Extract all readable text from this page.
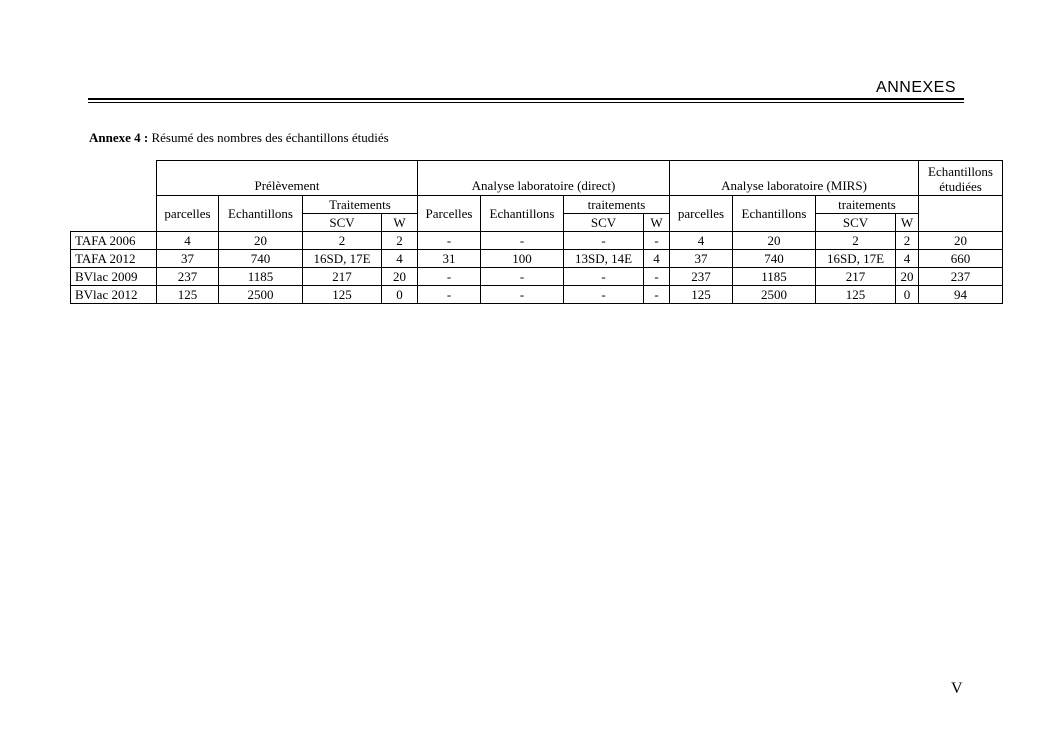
ANNEXES
Annexe 4 : Résumé des nombres des échantillons étudiés
	Prélèvement				Analyse laboratoire (direct)				Analyse laboratoire (MIRS)				Echantillons étudiées
	parcelles	Echantillons	Traitements		Parcelles	Echantillons	traitements		parcelles	Echantillons	traitements		
			SCV	W			SCV	W			SCV	W	
TAFA 2006	4	20	2	2	-	-	-	-	4	20	2	2	20
TAFA 2012	37	740	16SD, 17E	4	31	100	13SD, 14E	4	37	740	16SD, 17E	4	660
BVlac 2009	237	1185	217	20	-	-	-	-	237	1185	217	20	237
BVlac 2012	125	2500	125	0	-	-	-	-	125	2500	125	0	94
V
